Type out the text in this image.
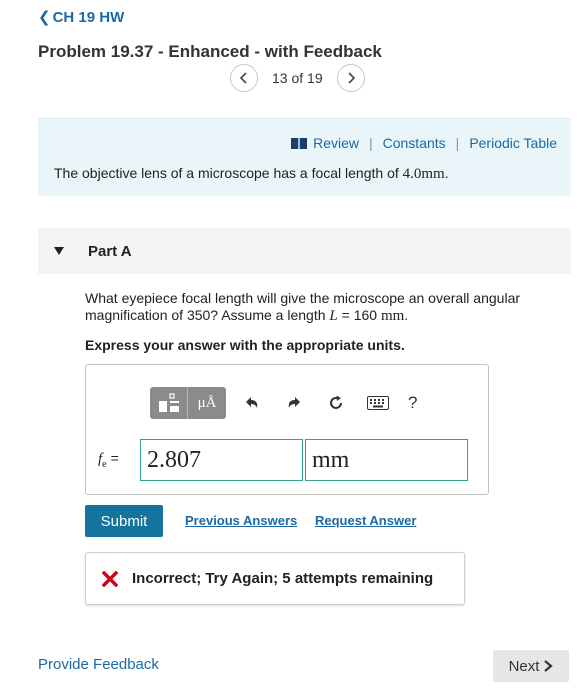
❮ CH 19 HW
Problem 19.37 - Enhanced - with Feedback
13 of 19
Review | Constants | Periodic Table
The objective lens of a microscope has a focal length of 4.0mm.
Part A
What eyepiece focal length will give the microscope an overall angular
magnification of 350? Assume a length L = 160 mm.
Express your answer with the appropriate units.
μÅ	?
$f_e$ =	2.807	mm
Submit	Previous Answers Request Answer
Incorrect; Try Again; 5 attempts remaining
Provide Feedback	Next
